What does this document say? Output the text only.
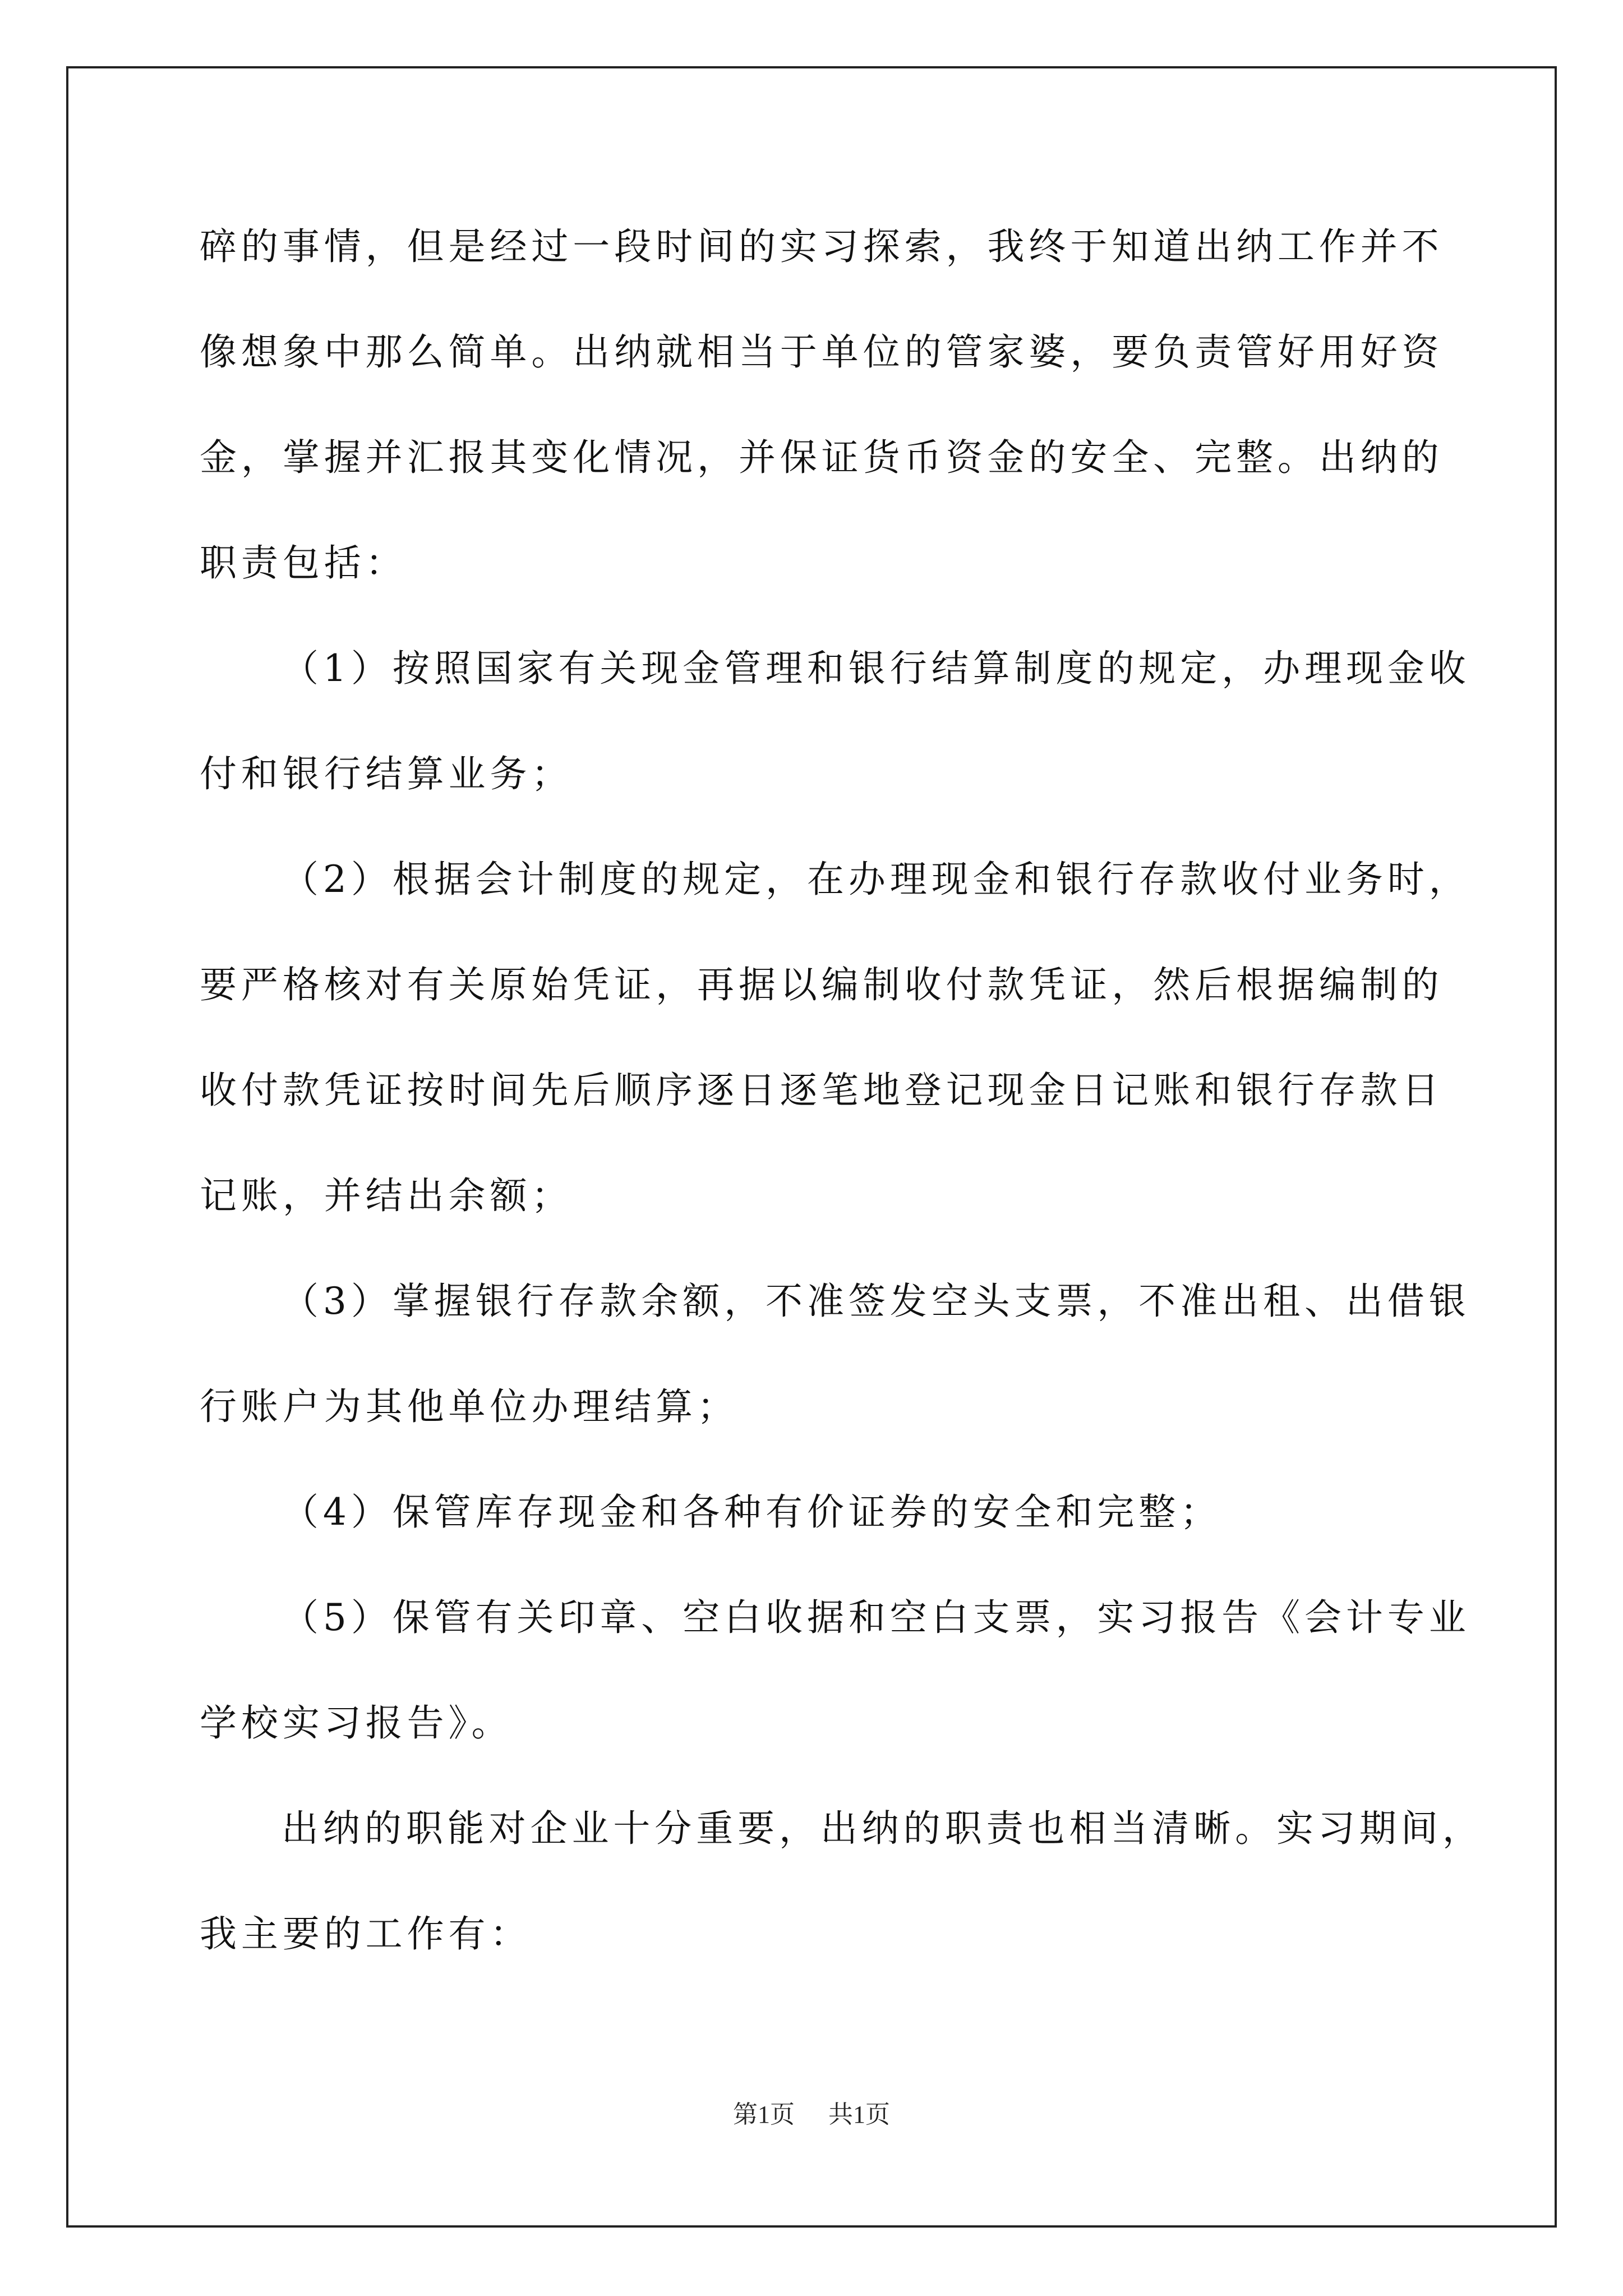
碎的事情，但是经过一段时间的实习探索，我终于知道出纳工作并不
像想象中那么简单。出纳就相当于单位的管家婆，要负责管好用好资
金，掌握并汇报其变化情况，并保证货币资金的安全、完整。出纳的
职责包括：
（1）按照国家有关现金管理和银行结算制度的规定，办理现金收
付和银行结算业务；
（2）根据会计制度的规定，在办理现金和银行存款收付业务时，
要严格核对有关原始凭证，再据以编制收付款凭证，然后根据编制的
收付款凭证按时间先后顺序逐日逐笔地登记现金日记账和银行存款日
记账，并结出余额；
（3）掌握银行存款余额，不准签发空头支票，不准出租、出借银
行账户为其他单位办理结算；
（4）保管库存现金和各种有价证券的安全和完整；
（5）保管有关印章、空白收据和空白支票，实习报告《会计专业
学校实习报告》。
出纳的职能对企业十分重要，出纳的职责也相当清晰。实习期间，
我主要的工作有：
第1页 共1页
